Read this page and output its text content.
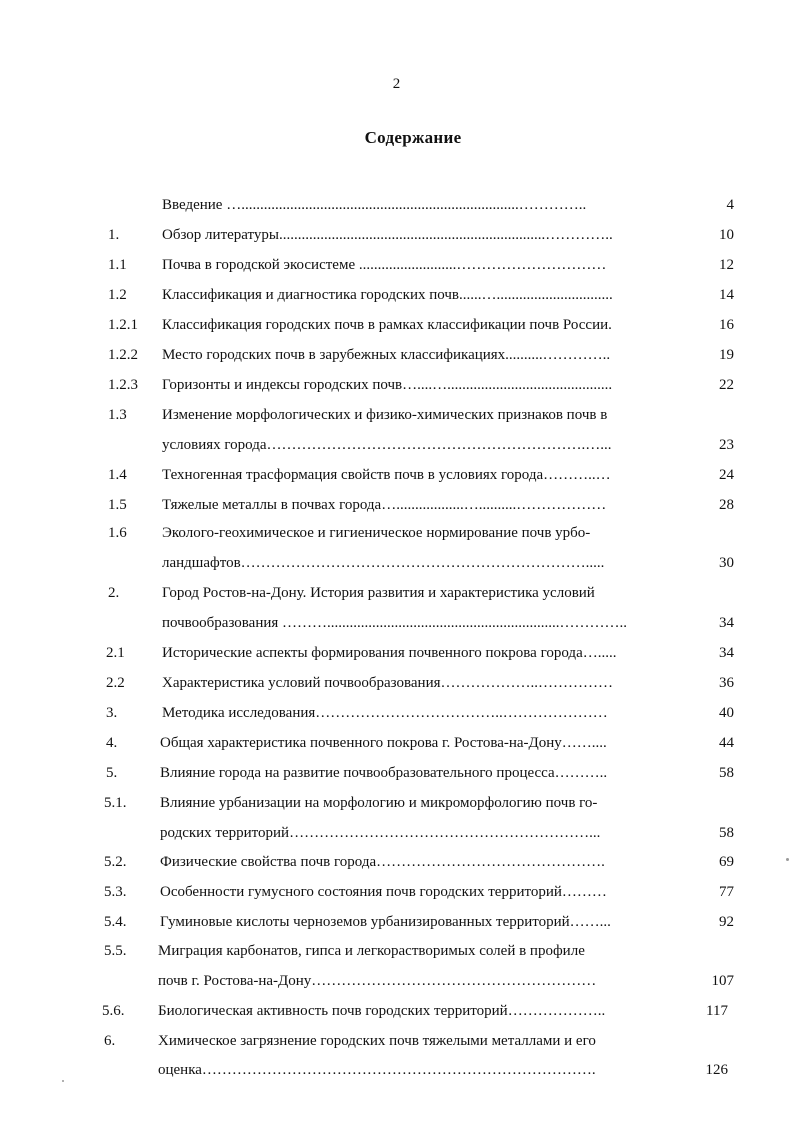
2
Содержание
Введение …..........................................................................…………..	4
1.	Обзор литературы.......................................................................…………..	10
1.1 Почва в городской экосистеме ..........................…………………………	12
1.2 Классификация и диагностика городских почв......…...............................	14
1.2.1 Классификация городских почв в рамках классификации почв России.	16
1.2.2 Место городских почв в зарубежных классификациях..........…………..	19
1.2.3 Горизонты и индексы городских почв…....…............................................	22
1.3 Изменение морфологических и физико-химических признаков почв в
условиях города……………………………………………………….…...	23
1.4 Техногенная трасформация свойств почв в условиях города………..…	24
1.5 Тяжелые металлы в почвах города…..................…..........………………	28
1.6 Эколого-геохимическое и гигиеническое нормирование почв урбо-
ландшафтов…………………………………………………………….....	30
2.	Город Ростов-на-Дону. История развития и характеристика условий
почвообразования ………..............................................................…………..	34
2.1 Исторические аспекты формирования почвенного покрова города….....	34
2.2 Характеристика условий почвообразования………………..……………	36
3.	Методика исследования………………………………..…………………	40
4.	Общая характеристика почвенного покрова г. Ростова-на-Дону……....	44
5.	Влияние города на развитие почвообразовательного процесса………..	58
5.1. Влияние урбанизации на морфологию и микроморфологию почв го-
родских территорий……………………………………………………...	58
5.2. Физические свойства почв города……………………………………….	69
5.3. Особенности гумусного состояния почв городских территорий………	77
5.4. Гуминовые кислоты черноземов урбанизированных территорий……...	92
5.5. Миграция карбонатов, гипса и легкорастворимых солей в профиле
почв г. Ростова-на-Дону…………………………………………………	107
5.6. Биологическая активность почв городских территорий………………..	117
6.	Химическое загрязнение городских почв тяжелыми металлами и его
оценка…………………………………………………………………….	126
